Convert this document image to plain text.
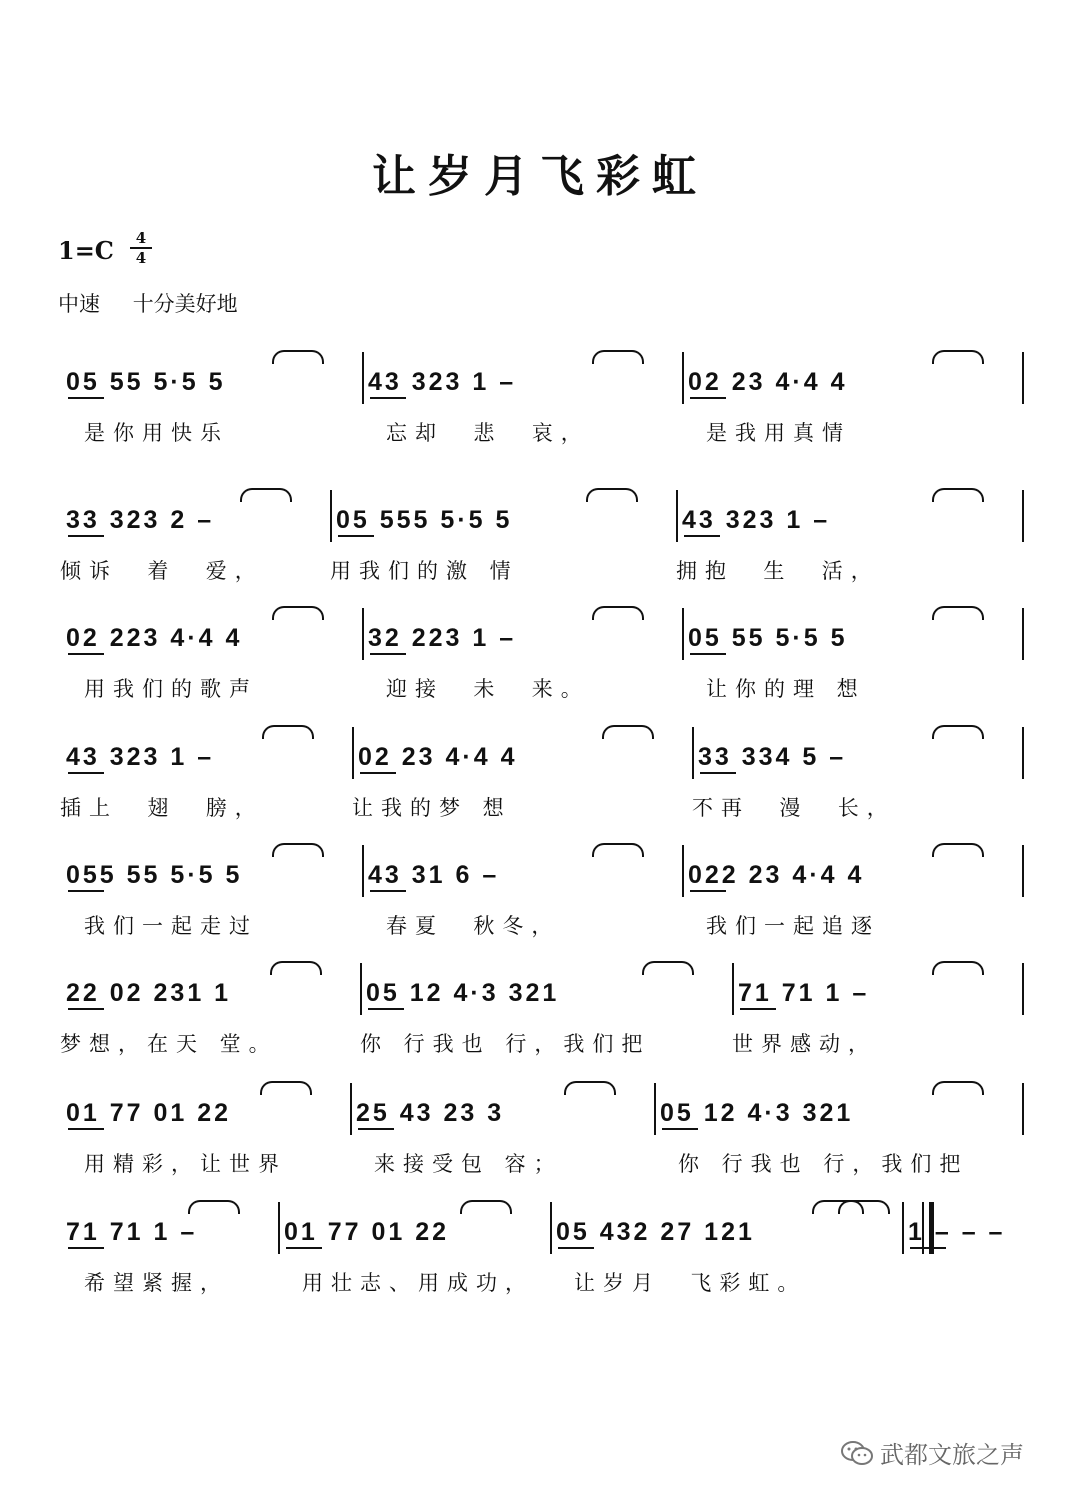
让岁月飞彩虹
1=C	4
4
中速 十分美好地
05 55 5·5 5	43 323 1 –	02 23 4·4 4
是你用快乐	忘却  悲  哀，	是我用真情
33 323 2 –	05 555 5·5 5	43 323 1 –
倾诉  着  爱，	用我们的激 情	拥抱  生  活，
02 223 4·4 4	32 223 1 –	05 55 5·5 5
用我们的歌声	迎接  未  来。	让你的理 想
43 323 1 –	02 23 4·4 4	33 334 5 –
插上  翅  膀，	让我的梦 想	不再  漫  长，
055 55 5·5 5	43 31 6 –	022 23 4·4 4
我们一起走过	春夏  秋冬，	我们一起追逐
22 02 231 1	05 12 4·3 321	71 71 1 –
梦想，在天 堂。	你 行我也 行，我们把	世界感动，
01 77 01 22	25 43 23 3	05 12 4·3 321
用精彩，让世界	来接受包 容；	你 行我也 行，我们把
71 71 1 –	01 77 01 22	05 432 27 121	1 – – –
希望紧握，	用壮志、用成功， 让岁月  飞彩虹。
武都文旅之声
